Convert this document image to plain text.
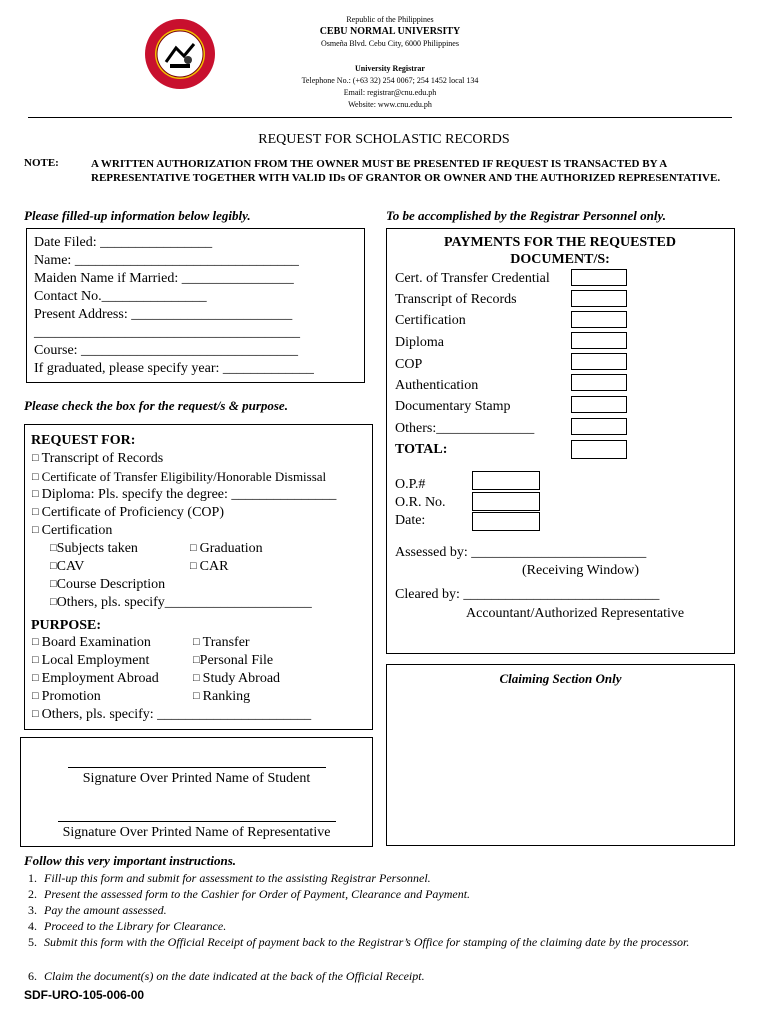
Republic of the Philippines
CEBU NORMAL UNIVERSITY
Osmeña Blvd. Cebu City, 6000 Philippines
University Registrar
Telephone No.: (+63 32) 254 0067; 254 1452 local 134
Email: registrar@cnu.edu.ph
Website: www.cnu.edu.ph
REQUEST FOR SCHOLASTIC RECORDS
NOTE:	A WRITTEN AUTHORIZATION FROM THE OWNER MUST BE PRESENTED IF REQUEST IS TRANSACTED BY A REPRESENTATIVE TOGETHER WITH VALID IDs OF GRANTOR OR OWNER AND THE AUTHORIZED REPRESENTATIVE.
Please filled-up information below legibly.	To be accomplished by the Registrar Personnel only.
Date Filed: ________________
Name: ________________________________
Maiden Name if Married: ________________
Contact No._______________
Present Address: _______________________
______________________________________
Course: _______________________________
If graduated, please specify year: _____________
Please check the box for the request/s & purpose.
REQUEST FOR:
□ Transcript of Records
□ Certificate of Transfer Eligibility/Honorable Dismissal
□ Diploma: Pls. specify the degree: _______________
□ Certificate of Proficiency (COP)
□ Certification
□ Subjects taken	□ Graduation
□ CAV	□ CAR
□ Course Description
□ Others, pls. specify_____________________
PURPOSE:
□ Board Examination	□ Transfer
□ Local Employment	□ Personal File
□ Employment Abroad	□ Study Abroad
□ Promotion	□ Ranking
□ Others, pls. specify: ______________________
Signature Over Printed Name of Student
Signature Over Printed Name of Representative
PAYMENTS FOR THE REQUESTED DOCUMENT/S:
Cert. of Transfer Credential
Transcript of Records
Certification
Diploma
COP
Authentication
Documentary Stamp
Others:______________
TOTAL:
O.P.#
O.R. No.
Date:
Assessed by: _________________________
(Receiving Window)
Cleared by: ____________________________
Accountant/Authorized Representative
Claiming Section Only
Follow this very important instructions.
1. Fill-up this form and submit for assessment to the assisting Registrar Personnel.
2. Present the assessed form to the Cashier for Order of Payment, Clearance and Payment.
3. Pay the amount assessed.
4. Proceed to the Library for Clearance.
5. Submit this form with the Official Receipt of payment back to the Registrar’s Office for stamping of the claiming date by the processor.
6. Claim the document(s) on the date indicated at the back of the Official Receipt.
SDF-URO-105-006-00
